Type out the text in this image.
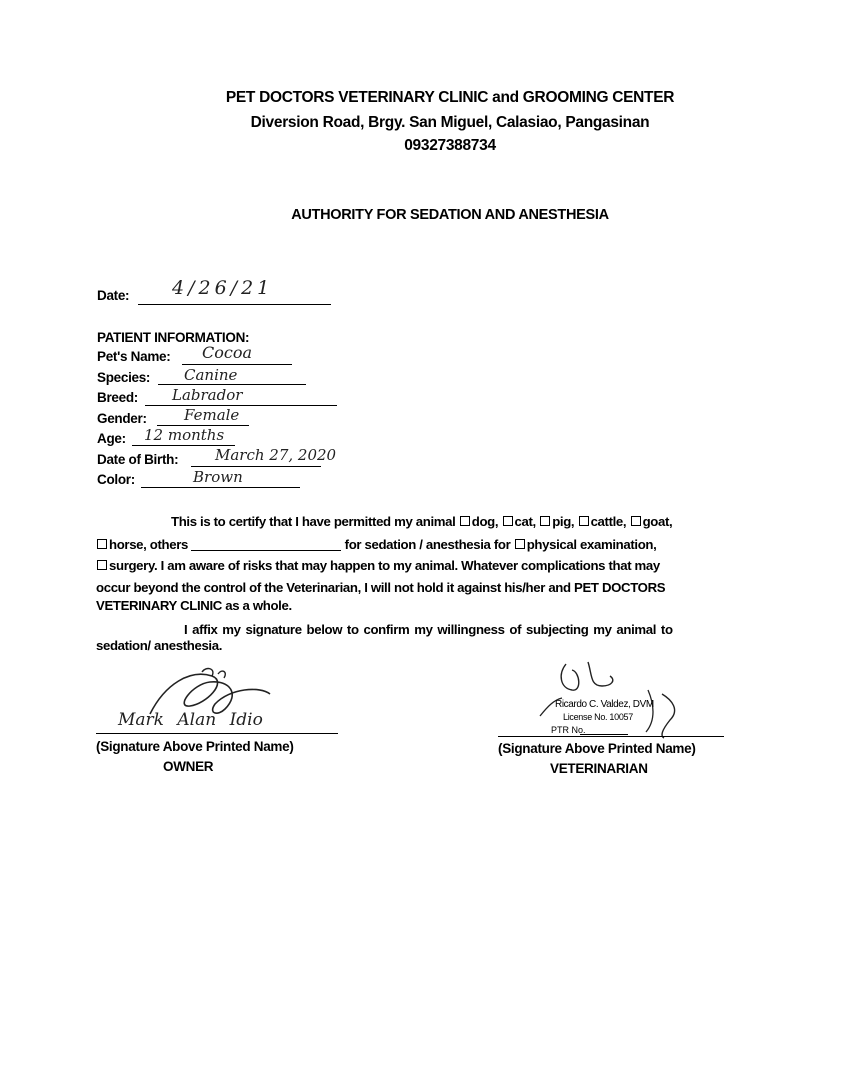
PET DOCTORS VETERINARY CLINIC and GROOMING CENTER
Diversion Road, Brgy. San Miguel, Calasiao, Pangasinan
09327388734
AUTHORITY FOR SEDATION AND ANESTHESIA
Date: 4/26/21
PATIENT INFORMATION:
Pet's Name: Cocoa
Species: Canine
Breed: Labrador
Gender: Female
Age: 12 months
Date of Birth: March 27, 2020
Color:	Brown
This is to certify that I have permitted my animal dog, cat, pig, cattle, goat,
horse, others	for sedation / anesthesia for physical examination,
surgery. I am aware of risks that may happen to my animal. Whatever complications that may
occur beyond the control of the Veterinarian, I will not hold it against his/her and PET DOCTORS
VETERINARY CLINIC as a whole.
I affix my signature below to confirm my willingness of subjecting my animal to
sedation/ anesthesia.
Mark Alan Idio
(Signature Above Printed Name)
OWNER
Ricardo C. Valdez, DVM
License No. 10057
PTR No.
(Signature Above Printed Name)
VETERINARIAN
